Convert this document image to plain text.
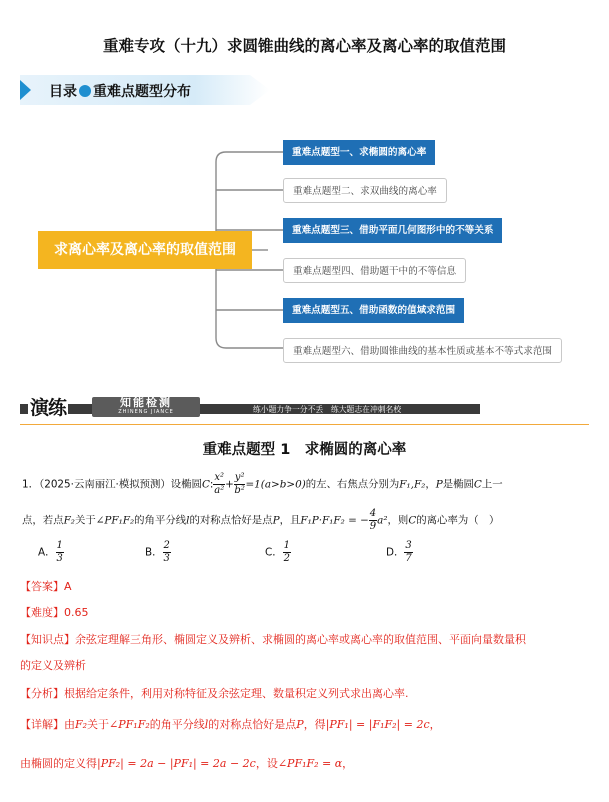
重难专攻（十九）求圆锥曲线的离心率及离心率的取值范围
目录 重难点题型分布
求离心率及离心率的取值范围
重难点题型一、求椭圆的离心率
重难点题型二、求双曲线的离心率
重难点题型三、借助平面几何图形中的不等关系
重难点题型四、借助题干中的不等信息
重难点题型五、借助函数的值域求范围
重难点题型六、借助圆锥曲线的基本性质或基本不等式求范围
演练	知能检测
ZHINENG JIANCE	练小题力争一分不丢　练大题志在冲刺名校
重难点题型 1　求椭圆的离心率
1．（2025·云南丽江·模拟预测）设椭圆C: $\frac{\text{x²}}{\text{a²}} + \frac{\text{y²}}{\text{b²}} =1(a>b>0)$的左、右焦点分别为F₁,F₂，P是椭圆C上一
点，若点F₂关于∠PF₁F₂的角平分线l的对称点恰好是点P，且F₁P·F₁F₂ = − $\frac{4}{9} a^2$，则C的离心率为（　）
A． $\frac{1}{3}$	B． $\frac{2}{3}$	C． $\frac{1}{2}$	D． $\frac{3}{7}$
【答案】A
【难度】0.65
【知识点】余弦定理解三角形、椭圆定义及辨析、求椭圆的离心率或离心率的取值范围、平面向量数量积
的定义及辨析
【分析】根据给定条件，利用对称特征及余弦定理、数量积定义列式求出离心率.
【详解】由F₂关于∠PF₁F₂的角平分线l的对称点恰好是点P，得|PF₁| = |F₁F₂| = 2c，
由椭圆的定义得|PF₂| = 2a − |PF₁| = 2a − 2c，设∠PF₁F₂ = α，
